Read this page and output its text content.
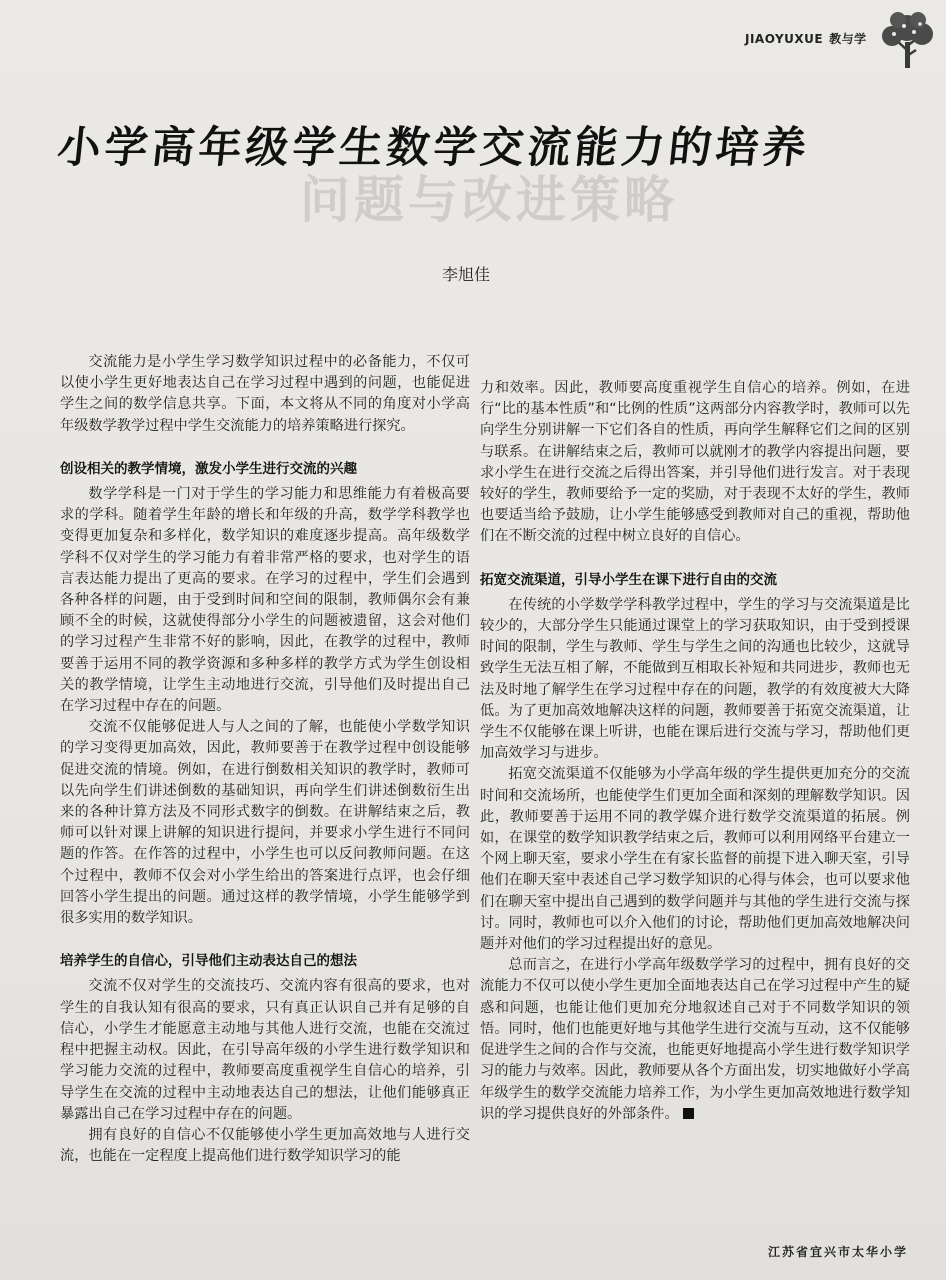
JIAOYUXUE 教与学
问题与改进策略
小学高年级学生数学交流能力的培养
李旭佳

交流能力是小学生学习数学知识过程中的必备能力，不仅可以使小学生更好地表达自己在学习过程中遇到的问题，也能促进学生之间的数学信息共享。下面，本文将从不同的角度对小学高年级数学教学过程中学生交流能力的培养策略进行探究。

创设相关的教学情境，激发小学生进行交流的兴趣

数学学科是一门对于学生的学习能力和思维能力有着极高要求的学科。随着学生年龄的增长和年级的升高，数学学科教学也变得更加复杂和多样化，数学知识的难度逐步提高。高年级数学学科不仅对学生的学习能力有着非常严格的要求，也对学生的语言表达能力提出了更高的要求。在学习的过程中，学生们会遇到各种各样的问题，由于受到时间和空间的限制，教师偶尔会有兼顾不全的时候，这就使得部分小学生的问题被遗留，这会对他们的学习过程产生非常不好的影响，因此，在教学的过程中，教师要善于运用不同的教学资源和多种多样的教学方式为学生创设相关的教学情境，让学生主动地进行交流，引导他们及时提出自己在学习过程中存在的问题。

交流不仅能够促进人与人之间的了解，也能使小学数学知识的学习变得更加高效，因此，教师要善于在教学过程中创设能够促进交流的情境。例如，在进行倒数相关知识的教学时，教师可以先向学生们讲述倒数的基础知识，再向学生们讲述倒数衍生出来的各种计算方法及不同形式数字的倒数。在讲解结束之后，教师可以针对课上讲解的知识进行提问，并要求小学生进行不同问题的作答。在作答的过程中，小学生也可以反问教师问题。在这个过程中，教师不仅会对小学生给出的答案进行点评，也会仔细回答小学生提出的问题。通过这样的教学情境，小学生能够学到很多实用的数学知识。

培养学生的自信心，引导他们主动表达自己的想法

交流不仅对学生的交流技巧、交流内容有很高的要求，也对学生的自我认知有很高的要求，只有真正认识自己并有足够的自信心，小学生才能愿意主动地与其他人进行交流，也能在交流过程中把握主动权。因此，在引导高年级的小学生进行数学知识和学习能力交流的过程中，教师要高度重视学生自信心的培养，引导学生在交流的过程中主动地表达自己的想法，让他们能够真正暴露出自己在学习过程中存在的问题。

拥有良好的自信心不仅能够使小学生更加高效地与人进行交流，也能在一定程度上提高他们进行数学知识学习的能

力和效率。因此，教师要高度重视学生自信心的培养。例如，在进行“比的基本性质”和“比例的性质”这两部分内容教学时，教师可以先向学生分别讲解一下它们各自的性质，再向学生解释它们之间的区别与联系。在讲解结束之后，教师可以就刚才的教学内容提出问题，要求小学生在进行交流之后得出答案，并引导他们进行发言。对于表现较好的学生，教师要给予一定的奖励，对于表现不太好的学生，教师也要适当给予鼓励，让小学生能够感受到教师对自己的重视，帮助他们在不断交流的过程中树立良好的自信心。

拓宽交流渠道，引导小学生在课下进行自由的交流

在传统的小学数学学科教学过程中，学生的学习与交流渠道是比较少的，大部分学生只能通过课堂上的学习获取知识，由于受到授课时间的限制，学生与教师、学生与学生之间的沟通也比较少，这就导致学生无法互相了解，不能做到互相取长补短和共同进步，教师也无法及时地了解学生在学习过程中存在的问题，教学的有效度被大大降低。为了更加高效地解决这样的问题，教师要善于拓宽交流渠道，让学生不仅能够在课上听讲，也能在课后进行交流与学习，帮助他们更加高效学习与进步。

拓宽交流渠道不仅能够为小学高年级的学生提供更加充分的交流时间和交流场所，也能使学生们更加全面和深刻的理解数学知识。因此，教师要善于运用不同的教学媒介进行数学交流渠道的拓展。例如，在课堂的数学知识教学结束之后，教师可以利用网络平台建立一个网上聊天室，要求小学生在有家长监督的前提下进入聊天室，引导他们在聊天室中表述自己学习数学知识的心得与体会，也可以要求他们在聊天室中提出自己遇到的数学问题并与其他的学生进行交流与探讨。同时，教师也可以介入他们的讨论，帮助他们更加高效地解决问题并对他们的学习过程提出好的意见。

总而言之，在进行小学高年级数学学习的过程中，拥有良好的交流能力不仅可以使小学生更加全面地表达自己在学习过程中产生的疑惑和问题，也能让他们更加充分地叙述自己对于不同数学知识的领悟。同时，他们也能更好地与其他学生进行交流与互动，这不仅能够促进学生之间的合作与交流，也能更好地提高小学生进行数学知识学习的能力与效率。因此，教师要从各个方面出发，切实地做好小学高年级学生的数学交流能力培养工作，为小学生更加高效地进行数学知识的学习提供良好的外部条件。

江苏省宜兴市太华小学
